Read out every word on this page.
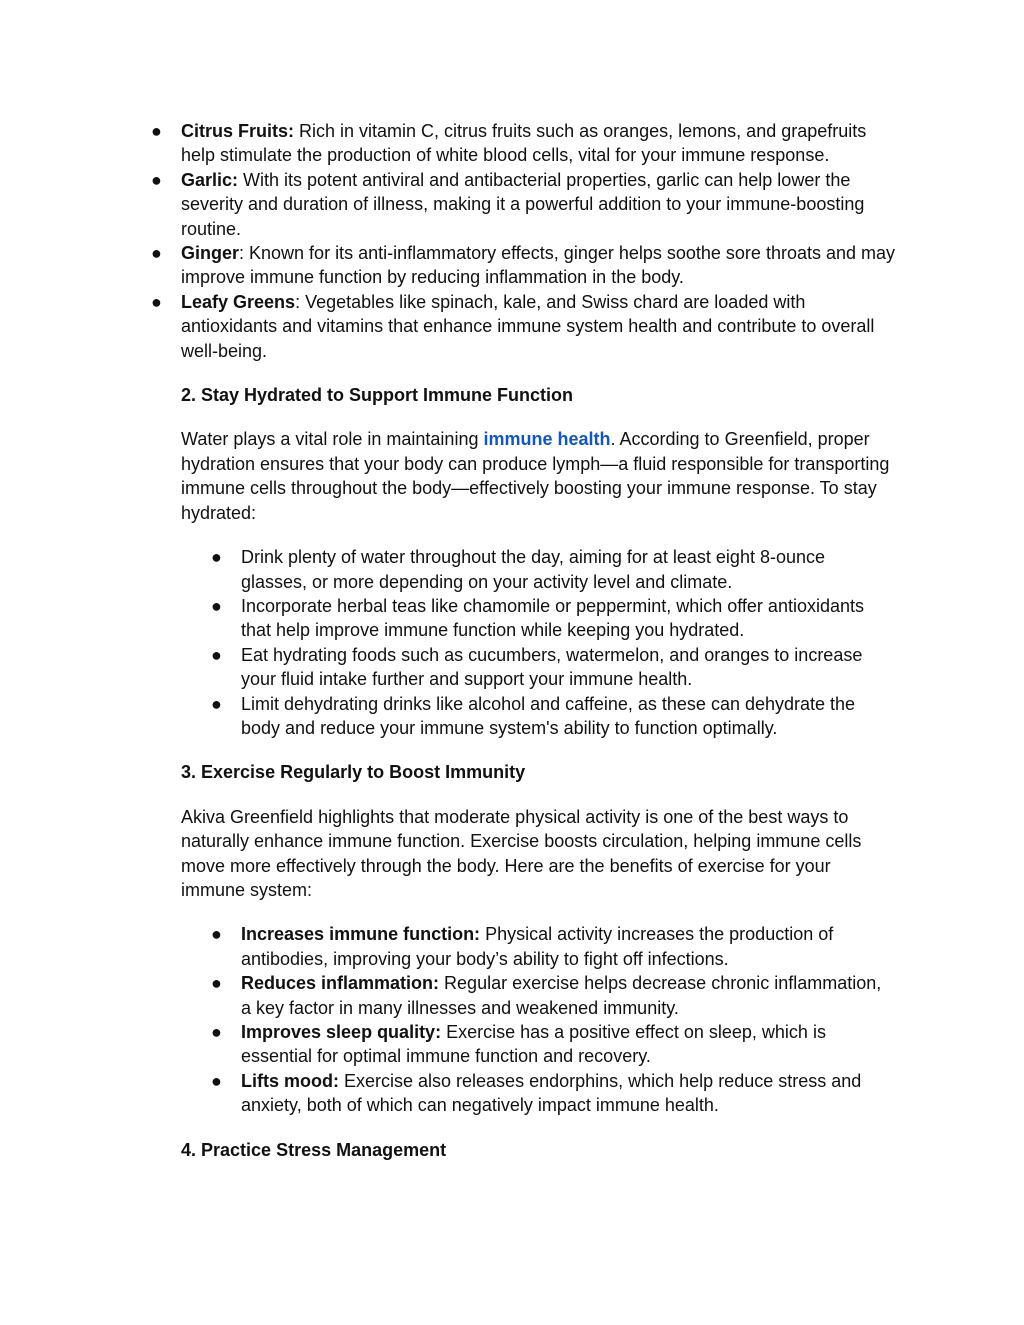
● Citrus Fruits: Rich in vitamin C, citrus fruits such as oranges, lemons, and grapefruits help stimulate the production of white blood cells, vital for your immune response.
● Garlic: With its potent antiviral and antibacterial properties, garlic can help lower the severity and duration of illness, making it a powerful addition to your immune-boosting routine.
● Ginger: Known for its anti-inflammatory effects, ginger helps soothe sore throats and may improve immune function by reducing inflammation in the body.
● Leafy Greens: Vegetables like spinach, kale, and Swiss chard are loaded with antioxidants and vitamins that enhance immune system health and contribute to overall well-being.

2. Stay Hydrated to Support Immune Function

Water plays a vital role in maintaining immune health. According to Greenfield, proper hydration ensures that your body can produce lymph—a fluid responsible for transporting immune cells throughout the body—effectively boosting your immune response. To stay hydrated:

● Drink plenty of water throughout the day, aiming for at least eight 8-ounce glasses, or more depending on your activity level and climate.
● Incorporate herbal teas like chamomile or peppermint, which offer antioxidants that help improve immune function while keeping you hydrated.
● Eat hydrating foods such as cucumbers, watermelon, and oranges to increase your fluid intake further and support your immune health.
● Limit dehydrating drinks like alcohol and caffeine, as these can dehydrate the body and reduce your immune system's ability to function optimally.

3. Exercise Regularly to Boost Immunity

Akiva Greenfield highlights that moderate physical activity is one of the best ways to naturally enhance immune function. Exercise boosts circulation, helping immune cells move more effectively through the body. Here are the benefits of exercise for your immune system:

● Increases immune function: Physical activity increases the production of antibodies, improving your body’s ability to fight off infections.
● Reduces inflammation: Regular exercise helps decrease chronic inflammation, a key factor in many illnesses and weakened immunity.
● Improves sleep quality: Exercise has a positive effect on sleep, which is essential for optimal immune function and recovery.
● Lifts mood: Exercise also releases endorphins, which help reduce stress and anxiety, both of which can negatively impact immune health.

4. Practice Stress Management
